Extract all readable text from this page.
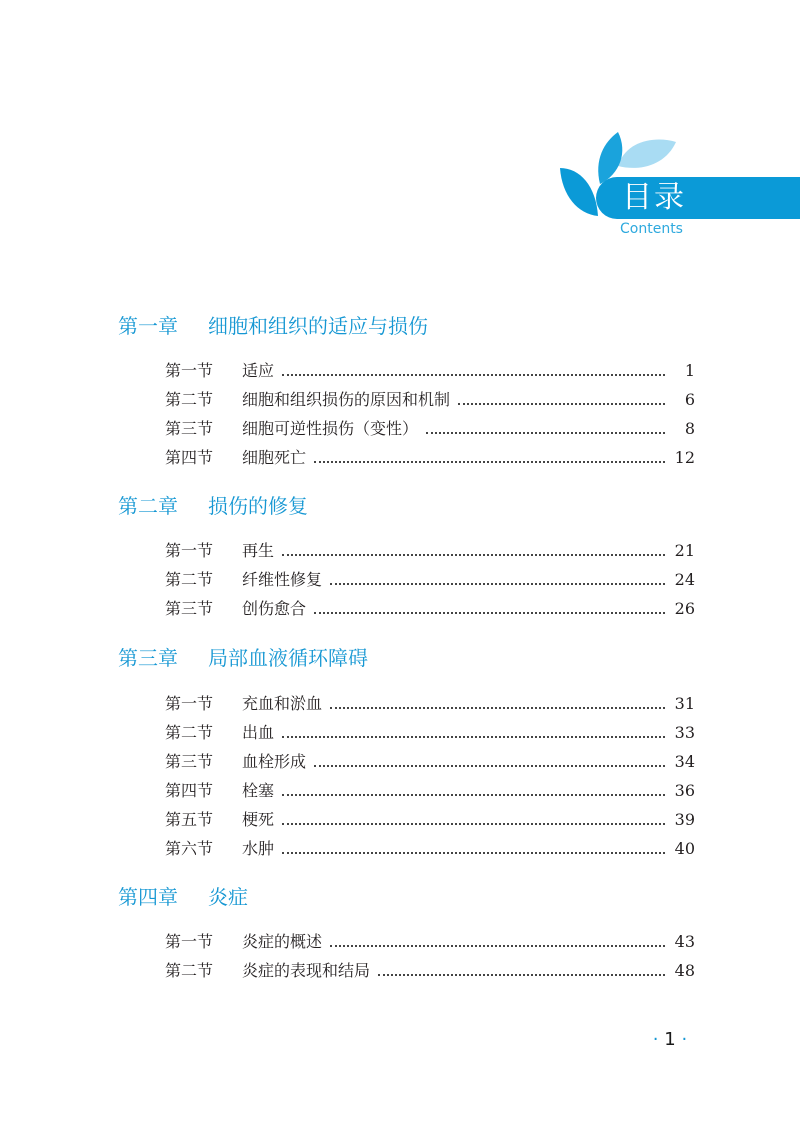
目录
Contents
第一章 细胞和组织的适应与损伤
第一节	适应	1
第二节	细胞和组织损伤的原因和机制	6
第三节	细胞可逆性损伤（变性）	8
第四节	细胞死亡	12
第二章 损伤的修复
第一节	再生	21
第二节	纤维性修复	24
第三节	创伤愈合	26
第三章 局部血液循环障碍
第一节	充血和淤血	31
第二节	出血	33
第三节	血栓形成	34
第四节	栓塞	36
第五节	梗死	39
第六节	水肿	40
第四章 炎症
第一节	炎症的概述	43
第二节	炎症的表现和结局	48
· 1 ·
